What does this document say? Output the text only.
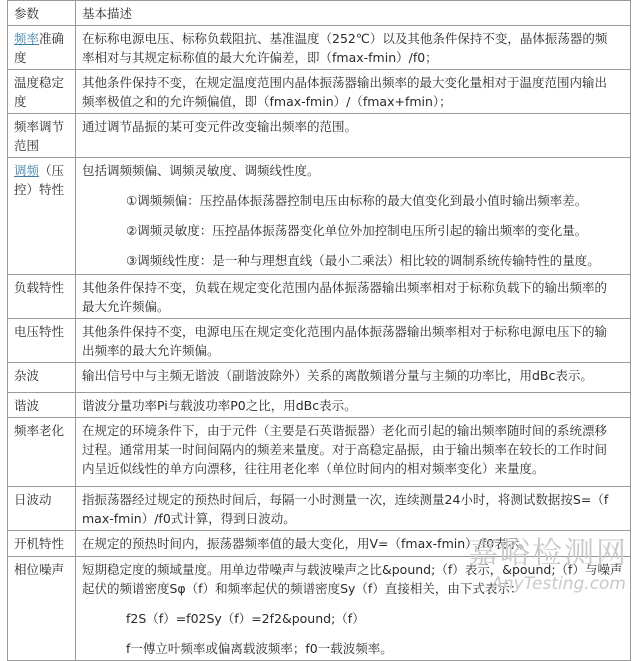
参数	基本描述
频率准确度	在标称电源电压、标称负载阻抗、基准温度（252℃）以及其他条件保持不变，晶体振荡器的频
率相对与其规定标称值的最大允许偏差，即（fmax-fmin）/f0；

温度稳定度	其他条件保持不变，在规定温度范围内晶体振荡器输出频率的最大变化量相对于温度范围内输出
频率极值之和的允许频偏值，即（fmax-fmin）/（fmax+fmin）；

频率调节范围	通过调节晶振的某可变元件改变输出频率的范围。

调频（压控）特性	包括调频频偏、调频灵敏度、调频线性度。
①调频频偏：压控晶体振荡器控制电压由标称的最大值变化到最小值时输出频率差。
②调频灵敏度：压控晶体振荡器变化单位外加控制电压所引起的输出频率的变化量。
③调频线性度：是一种与理想直线（最小二乘法）相比较的调制系统传输特性的量度。

负载特性	其他条件保持不变，负载在规定变化范围内晶体振荡器输出频率相对于标称负载下的输出频率的
最大允许频偏。

电压特性	其他条件保持不变，电源电压在规定变化范围内晶体振荡器输出频率相对于标称电源电压下的输
出频率的最大允许频偏。

杂波	输出信号中与主频无谐波（副谐波除外）关系的离散频谱分量与主频的功率比，用dBc表示。

谐波	谐波分量功率Pi与载波功率P0之比，用dBc表示。

频率老化	在规定的环境条件下，由于元件（主要是石英谐振器）老化而引起的输出频率随时间的系统漂移
过程。通常用某一时间间隔内的频差来量度。对于高稳定晶振，由于输出频率在较长的工作时间
内呈近似线性的单方向漂移，往往用老化率（单位时间内的相对频率变化）来量度。

日波动	指振荡器经过规定的预热时间后，每隔一小时测量一次，连续测量24小时，将测试数据按S=（f
max-fmin）/f0式计算，得到日波动。

开机特性	在规定的预热时间内，振荡器频率值的最大变化，用V=（fmax-fmin）/f0表示。

相位噪声	短期稳定度的频域量度。用单边带噪声与载波噪声之比&pound;（f）表示，&pound;（f）与噪声
起伏的频谱密度Sφ（f）和频率起伏的频谱密度Sy（f）直接相关，由下式表示：
f2S（f）=f02Sy（f）=2f2&pound;（f）
f一傅立叶频率或偏离载波频率；f0一载波频率。
嘉峪检测网
AnyTesting.com
